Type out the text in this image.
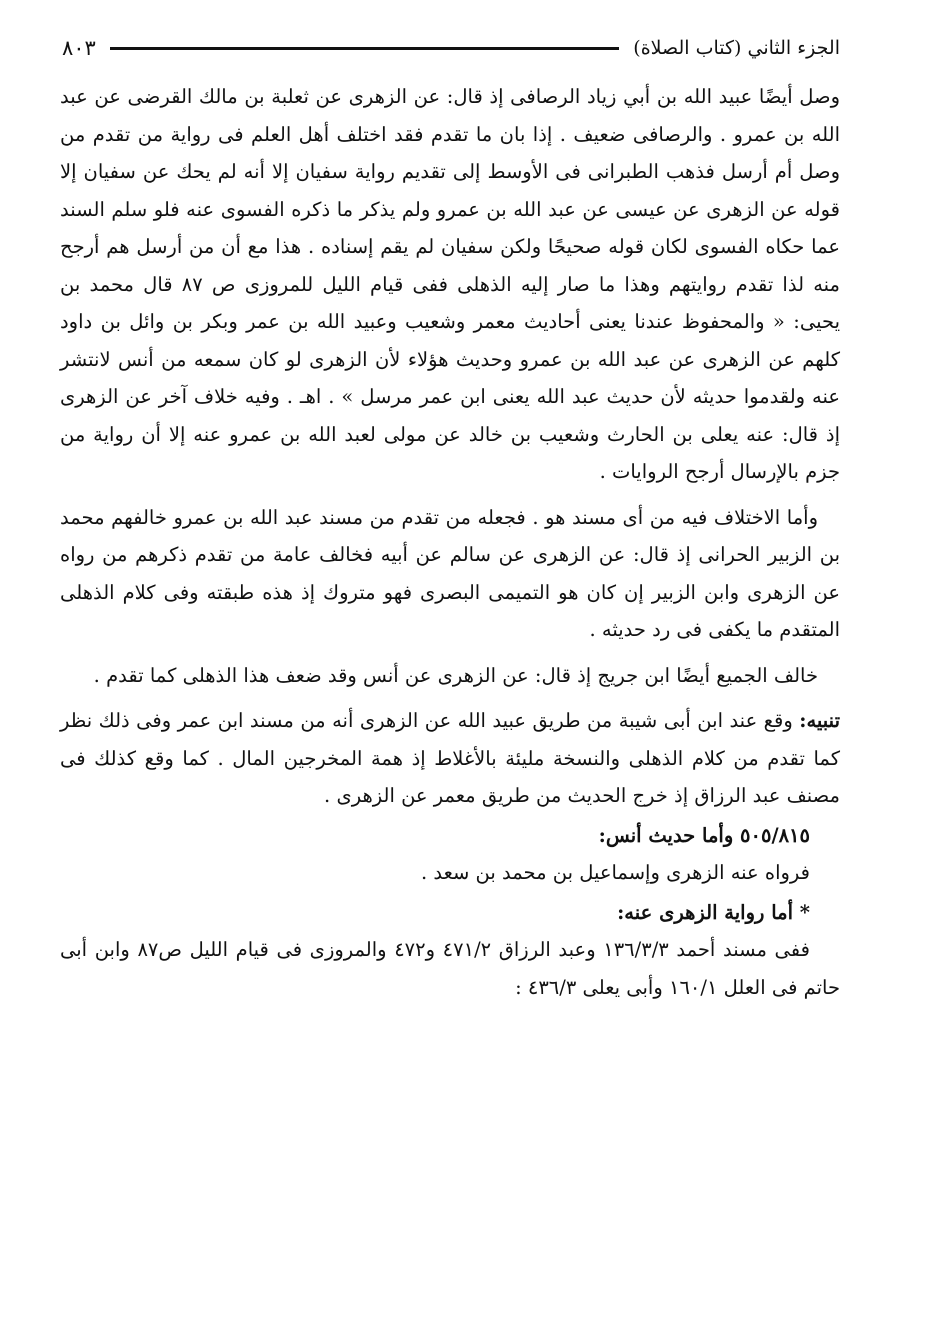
الجزء الثاني (كتاب الصلاة)
٨٠٣

وصل أيضًا عبيد الله بن أبي زياد الرصافى إذ قال: عن الزهرى عن ثعلبة بن مالك القرضى عن عبد الله بن عمرو . والرصافى ضعيف . إذا بان ما تقدم فقد اختلف أهل العلم فى رواية من تقدم من وصل أم أرسل فذهب الطبرانى فى الأوسط إلى تقديم رواية سفيان إلا أنه لم يحك عن سفيان إلا قوله عن الزهرى عن عيسى عن عبد الله بن عمرو ولم يذكر ما ذكره الفسوى عنه فلو سلم السند عما حكاه الفسوى لكان قوله صحيحًا ولكن سفيان لم يقم إسناده . هذا مع أن من أرسل هم أرجح منه لذا تقدم روايتهم وهذا ما صار إليه الذهلى ففى قيام الليل للمروزى ص ٨٧ قال محمد بن يحيى: « والمحفوظ عندنا يعنى أحاديث معمر وشعيب وعبيد الله بن عمر وبكر بن وائل بن داود كلهم عن الزهرى عن عبد الله بن عمرو وحديث هؤلاء لأن الزهرى لو كان سمعه من أنس لانتشر عنه ولقدموا حديثه لأن حديث عبد الله يعنى ابن عمر مرسل » . اهـ . وفيه خلاف آخر عن الزهرى إذ قال: عنه يعلى بن الحارث وشعيب بن خالد عن مولى لعبد الله بن عمرو عنه إلا أن رواية من جزم بالإرسال أرجح الروايات .

وأما الاختلاف فيه من أى مسند هو . فجعله من تقدم من مسند عبد الله بن عمرو خالفهم محمد بن الزبير الحرانى إذ قال: عن الزهرى عن سالم عن أبيه فخالف عامة من تقدم ذكرهم من رواه عن الزهرى وابن الزبير إن كان هو التميمى البصرى فهو متروك إذ هذه طبقته وفى كلام الذهلى المتقدم ما يكفى فى رد حديثه .

خالف الجميع أيضًا ابن جريج إذ قال: عن الزهرى عن أنس وقد ضعف هذا الذهلى كما تقدم .

تنبيه: وقع عند ابن أبى شيبة من طريق عبيد الله عن الزهرى أنه من مسند ابن عمر وفى ذلك نظر كما تقدم من كلام الذهلى والنسخة مليئة بالأغلاط إذ همة المخرجين المال . كما وقع كذلك فى مصنف عبد الرزاق إذ خرج الحديث من طريق معمر عن الزهرى .

٥٠٥/٨١٥ وأما حديث أنس:

فرواه عنه الزهرى وإسماعيل بن محمد بن سعد .

* أما رواية الزهرى عنه:

ففى مسند أحمد ١٣٦/٣/٣ وعبد الرزاق ٤٧١/٢ و٤٧٢ والمروزى فى قيام الليل ص٨٧ وابن أبى حاتم فى العلل ١٦٠/١ وأبى يعلى ٤٣٦/٣ :
